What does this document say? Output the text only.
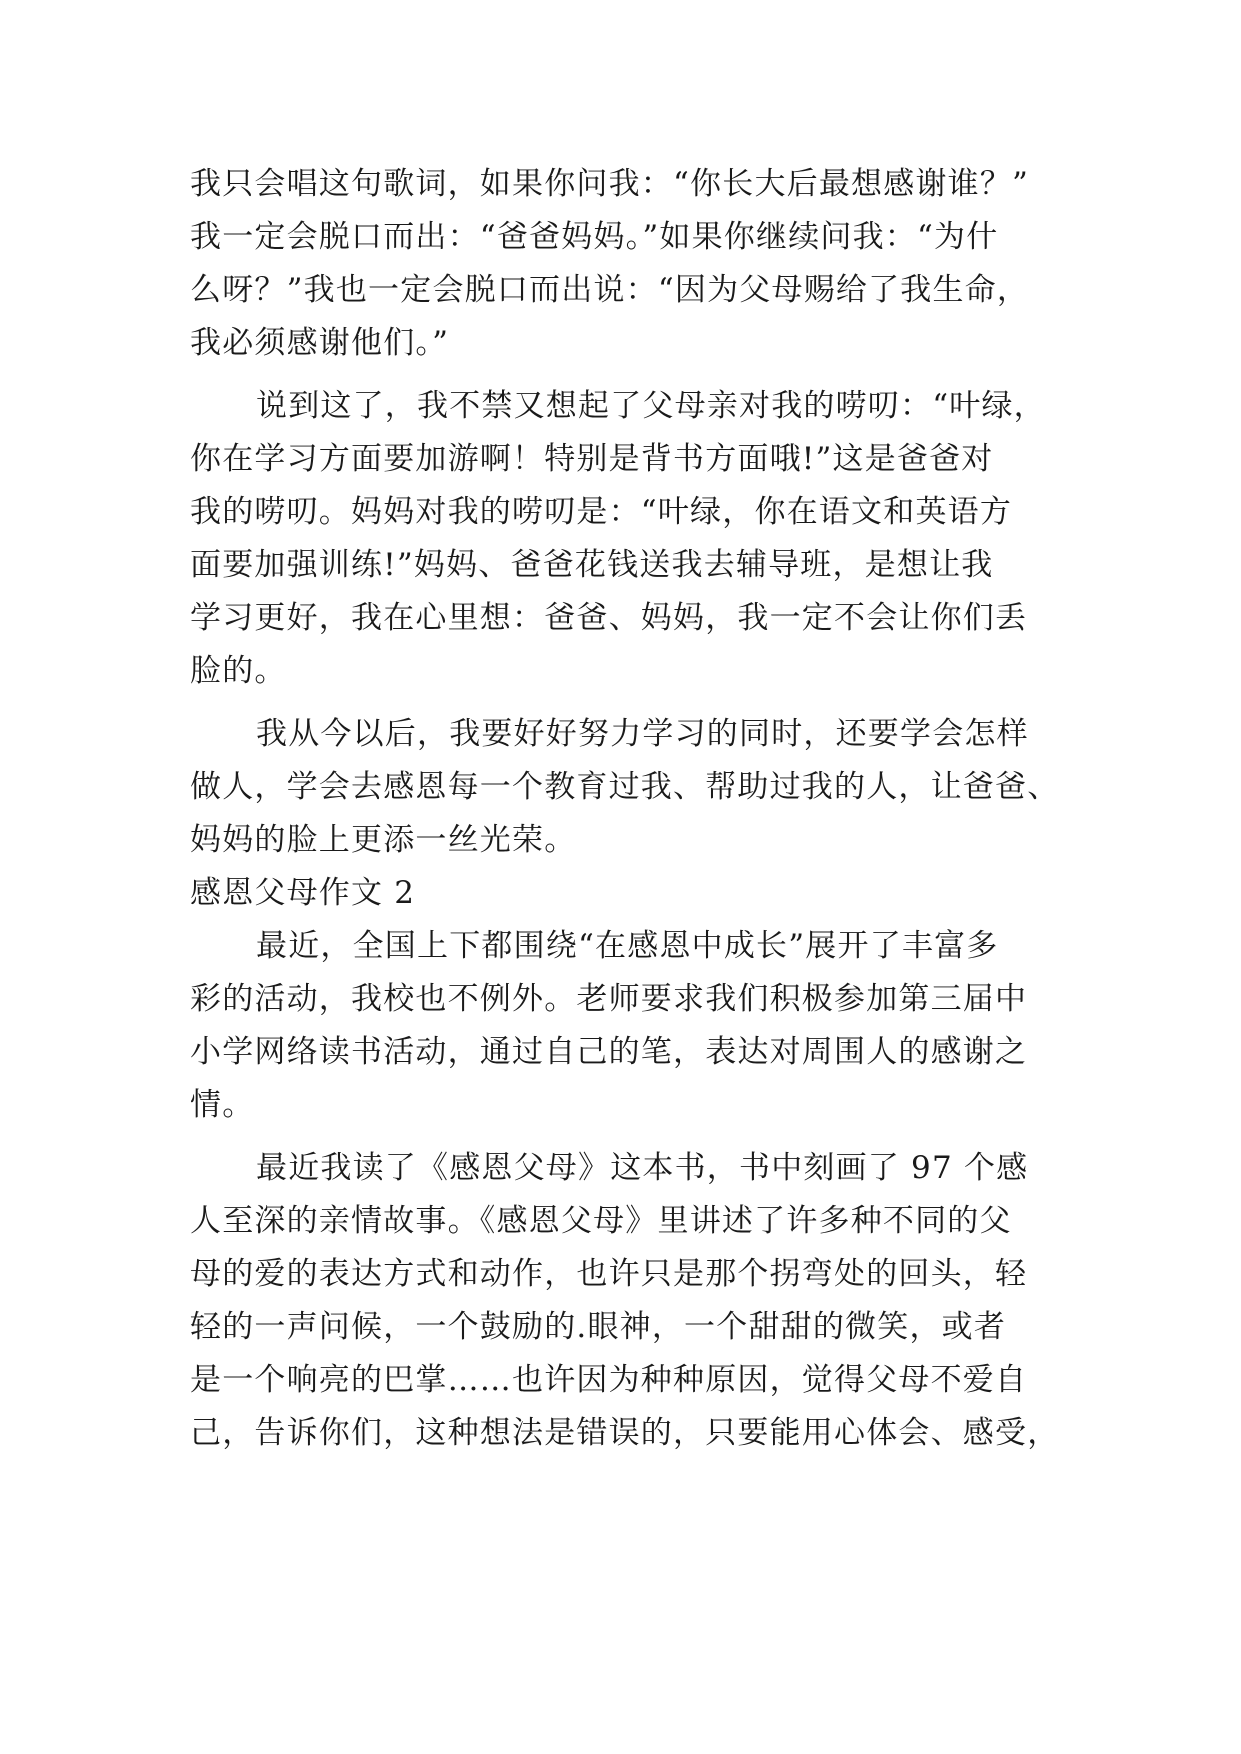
我只会唱这句歌词，如果你问我：“你长大后最想感谢谁？”
我一定会脱口而出：“爸爸妈妈。”如果你继续问我：“为什
么呀？”我也一定会脱口而出说：“因为父母赐给了我生命，
我必须感谢他们。”
说到这了，我不禁又想起了父母亲对我的唠叨：“叶绿，
你在学习方面要加游啊！特别是背书方面哦!”这是爸爸对
我的唠叨。妈妈对我的唠叨是：“叶绿，你在语文和英语方
面要加强训练!”妈妈、爸爸花钱送我去辅导班，是想让我
学习更好，我在心里想：爸爸、妈妈，我一定不会让你们丢
脸的。
我从今以后，我要好好努力学习的同时，还要学会怎样
做人，学会去感恩每一个教育过我、帮助过我的人，让爸爸、
妈妈的脸上更添一丝光荣。
感恩父母作文 2
最近，全国上下都围绕“在感恩中成长”展开了丰富多
彩的活动，我校也不例外。老师要求我们积极参加第三届中
小学网络读书活动，通过自己的笔，表达对周围人的感谢之
情。
最近我读了《感恩父母》这本书，书中刻画了 97 个感
人至深的亲情故事。《感恩父母》里讲述了许多种不同的父
母的爱的表达方式和动作，也许只是那个拐弯处的回头，轻
轻的一声问候，一个鼓励的.眼神，一个甜甜的微笑，或者
是一个响亮的巴掌……也许因为种种原因，觉得父母不爱自
己，告诉你们，这种想法是错误的，只要能用心体会、感受，
